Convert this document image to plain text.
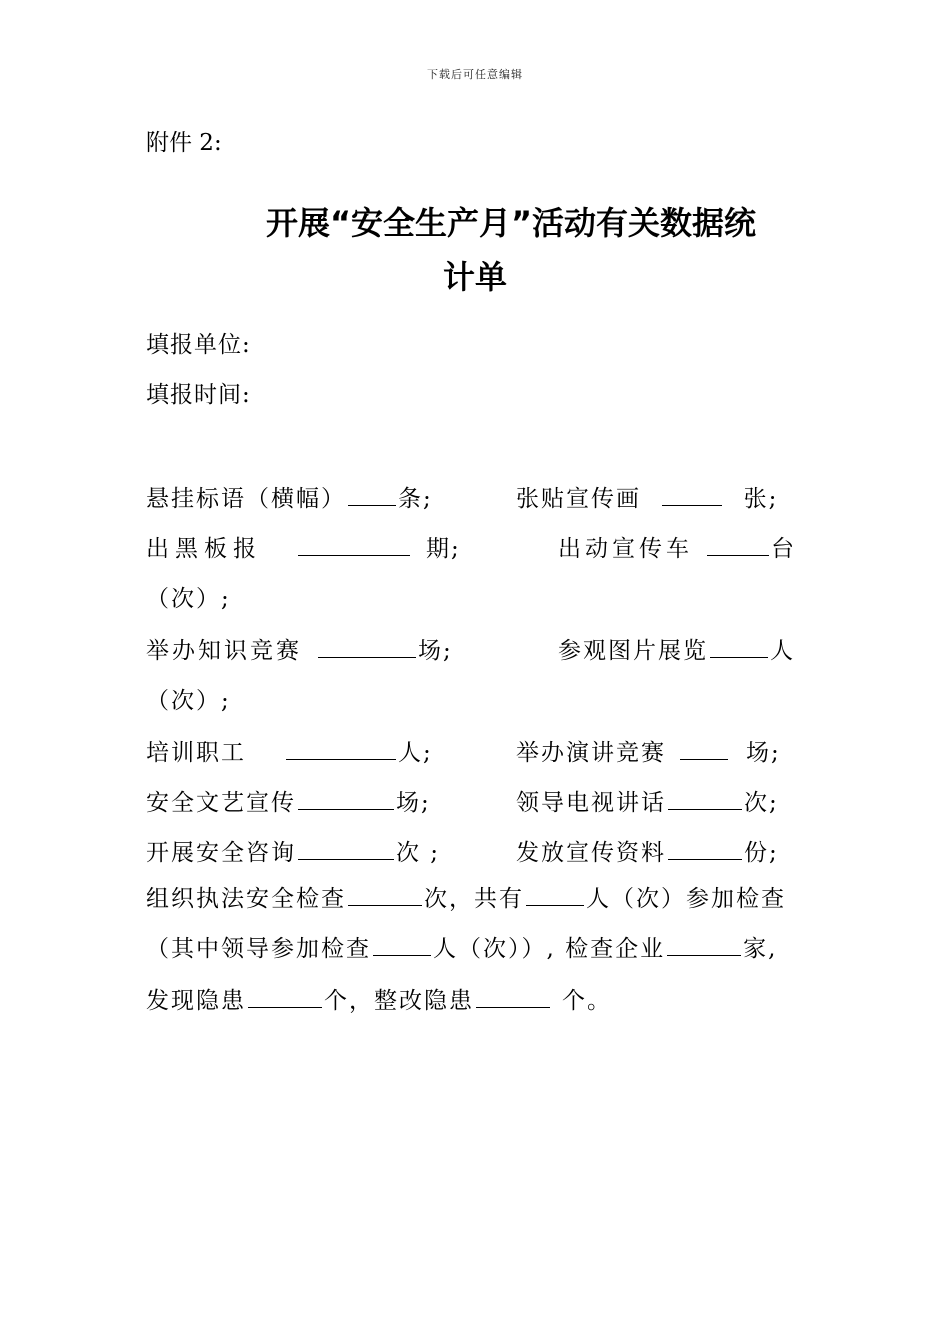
下载后可任意编辑
附件 2:
开展“安全生产月”活动有关数据统
计单
填报单位:
填报时间:
悬挂标语（横幅） 条;	张贴宣传画	张;
出黑板报	期;	出动宣传车	台
（次）;
举办知识竞赛	场;	参观图片展览	人
（次）;
培训职工	人;	举办演讲竞赛	场;
安全文艺宣传	场;	领导电视讲话	次;
开展安全咨询	次 ;	发放宣传资料	份;
组织执法安全检查	次，共有	人（次）参加检查
（其中领导参加检查	人（次））, 检查企业	家,
发现隐患	个，整改隐患	个。
